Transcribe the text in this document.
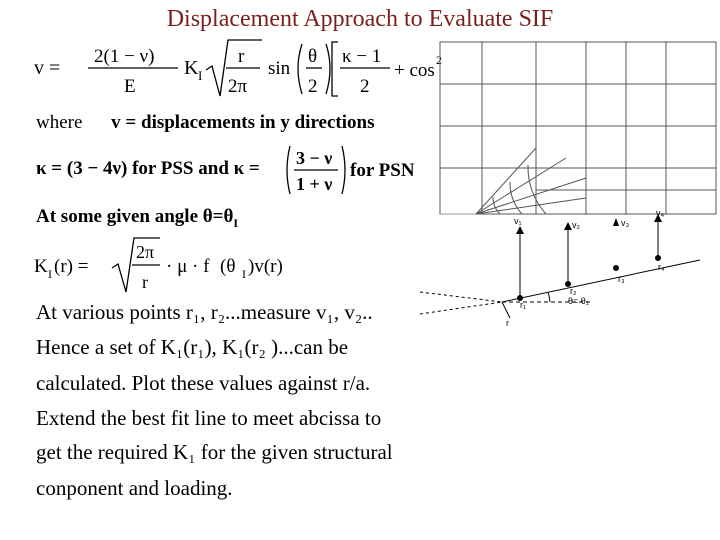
Displacement Approach to Evaluate SIF
v =
2(1 − ν)
E
K I
r
2π
sin
θ
2
κ − 1
2
+ cos 2
where v = displacements in y directions
κ = (3 − 4ν) for PSS and κ = 3 − ν
1 + ν
for PSN
At some given angle $\theta=\theta_I$
K I (r) =
2π
r
· μ · f (θ I )v(r)
At various points r₁, r₂...measure v₁, v₂..
Hence a set of K₁(r₁), K₁(r₂ )...can be
calculated. Plot these values against r/a.
Extend the best fit line to meet abcissa to
get the required K₁ for the given structural
conponent and loading.
v₁	v₂	v₃
v₄
r₁
r₂
r₃
r₄
r
θ= θ₁
